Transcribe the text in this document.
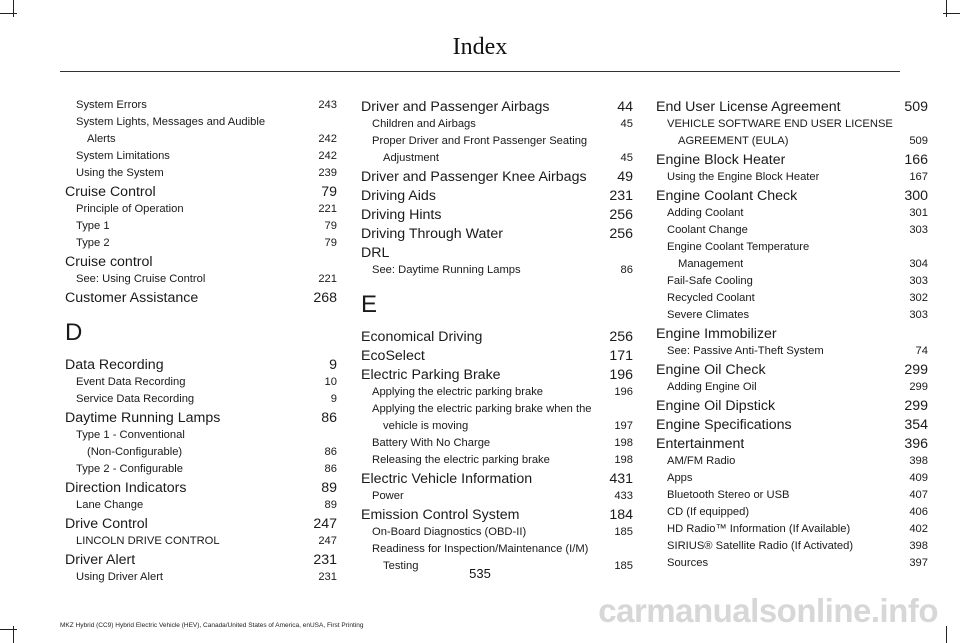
Index
System Errors	243
System Lights, Messages and Audible
Alerts	242
System Limitations	242
Using the System	239
Cruise Control	79
Principle of Operation	221
Type 1	79
Type 2	79
Cruise control
See: Using Cruise Control	221
Customer Assistance	268
D
Data Recording	9
Event Data Recording	10
Service Data Recording	9
Daytime Running Lamps	86
Type 1 - Conventional
(Non-Configurable)	86
Type 2 - Configurable	86
Direction Indicators	89
Lane Change	89
Drive Control	247
LINCOLN DRIVE CONTROL	247
Driver Alert	231
Using Driver Alert	231
Driver and Passenger Airbags	44
Children and Airbags	45
Proper Driver and Front Passenger Seating
Adjustment	45
Driver and Passenger Knee Airbags 49
Driving Aids	231
Driving Hints	256
Driving Through Water	256
DRL
See: Daytime Running Lamps	86
E
Economical Driving	256
EcoSelect	171
Electric Parking Brake	196
Applying the electric parking brake	196
Applying the electric parking brake when the
vehicle is moving	197
Battery With No Charge	198
Releasing the electric parking brake	198
Electric Vehicle Information	431
Power	433
Emission Control System	184
On-Board Diagnostics (OBD-II)	185
Readiness for Inspection/Maintenance (I/M)
Testing	185
End User License Agreement	509
VEHICLE SOFTWARE END USER LICENSE
AGREEMENT (EULA)	509
Engine Block Heater	166
Using the Engine Block Heater	167
Engine Coolant Check	300
Adding Coolant	301
Coolant Change	303
Engine Coolant Temperature
Management	304
Fail-Safe Cooling	303
Recycled Coolant	302
Severe Climates	303
Engine Immobilizer
See: Passive Anti-Theft System	74
Engine Oil Check	299
Adding Engine Oil	299
Engine Oil Dipstick	299
Engine Specifications	354
Entertainment	396
AM/FM Radio	398
Apps	409
Bluetooth Stereo or USB	407
CD (If equipped)	406
HD Radio™ Information (If Available)	402
SIRIUS® Satellite Radio (If Activated)	398
Sources	397
535
MKZ Hybrid (CC9) Hybrid Electric Vehicle (HEV), Canada/United States of America, enUSA, First Printing	carmanualsonline.info
